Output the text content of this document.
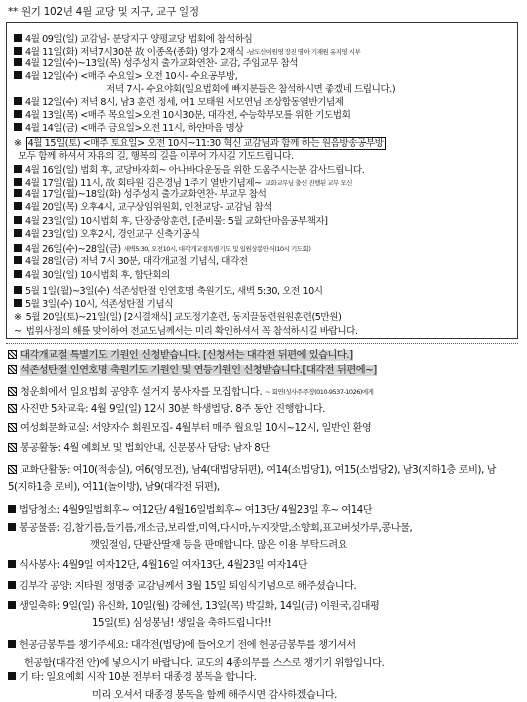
** 원기 102년 4월 교당 및 지구, 교구 일정
4월 09일(일) 교감님- 분당지구 양평교당 법회에 참석하심
4월 11일(화) 저녁7시30분 故 이종옥(종화) 영가 2재식 -남도신이원영 장진 명아 기재원 유지영 시부
4월 12일(수)~13일(목) 성주성지 출가교화연찬- 교감, 주임교무 참석
4월 12일(수) <매주 수요일> 오전 10시- 수요공부방,
저녁 7시- 수요야회(일요법회에 빠지분들은 참석하시면 좋겠네 드립니다.)
4월 12일(수) 저녁 8시, 남3 훈련 정세, 여1 모태원 서모연님 조상합동열반기념제
4월 13일(목) <매주 목요일>오전 10시30분, 대각전, 수능학부모를 위한 기도법회
4월 14일(금) <매주 금요일>오전 11시, 하얀마음 명상
※ 4월 15일(토) <매주 토요일> 오전 10시~11:30 혁신 교감님과 함께 하는 원음방송공부방
모두 함께 하셔서 자유의 길, 행복의 길을 이루어 가시길 기도드립니다.
4월 16일(일) 법회 후, 교당바자회~ 아나바다운동을 위한 도움주시는분 감사드립니다.
4월 17일(월) 11시, 故 회타원 김은경님 1주기 열반기념제~ 교화교무님 출신 진행된 교무 모신
4월 17일(월)~18일(화) 성주성지 출가교화연찬- 부교무 참석
4월 20일(목) 오후4시, 교구상임위원회, 인천교당- 교감님 참석
4월 23일(일) 10시법회 후, 단장중앙훈련, [준비물: 5월 교화단마음공부책자]
4월 23일(일) 오후2시, 경인교구 신축기공식
4월 26일(수)~28일(금) 새벽5:30, 오전10시, 대각개교절특별기도 및 일원상봉안식(10시 기도회)
4월 28일(금) 저녁 7시 30분, 대각개교절 기념식, 대각전
4월 30일(일) 10시법회 후, 합단회의
5월 1일(월)~3일(수) 석존성탄절 인연호명 축원기도, 새벽 5:30, 오전 10시
5월 3일(수) 10시, 석존성탄절 기념식
※ 5월 20일(토)~21일(일) [2시결채식] 교도정기훈련, 동지끌동련원원훈련(5만원)
~ 법위사정의 해를 맞이하여 전교도님께서는 미리 확인하셔서 꼭 참석하시길 바랍니다.
대각개교절 특별기도 기원인 신청받습니다. [신청서는 대각전 뒤편에 있습니다.]
석존성탄절 인연호명 축원기도 기원인 및 연등기원인 신청받습니다.[대각전 뒤편에~]
청운회에서 일요법회 공양후 설거지 봉사자를 모집합니다. ~ 회연(성사주주장(010-9537-1026)에게
사진반 5차교육: 4월 9일(일) 12시 30분 학생법당. 8주 동안 진행합니다.
여성회문화교실: 서양자수 회원모집- 4월부터 매주 월요일 10시~12시, 일반인 환영
봉공활동: 4월 예회보 및 법회안내, 신문봉사 담당: 남자 8단
교화단활동: 여10(적송실), 여6(영모전), 남4(대법당뒤편), 여14(소법당1), 여15(소법당2), 남3(지하1층 로비), 남5(지하1층 로비), 여11(놀이방), 남9(대각전 뒤편),
법당청소: 4월9일법회후~ 여12단/ 4월16일법회후~ 여13단/ 4월23일 후~ 여14단
봉공물품: 김,참기름,들기름,개소금,보리쌀,미역,다시마,누지잣말,소향회,표고버섯가루,콩나물,
깻잎절임, 단팥산딸재 등을 판매합니다. 많은 이용 부탁드려요
식사봉사: 4월9일 여자12단, 4월16일 여자13단, 4월23일 여자14단
김부각 공양: 지타원 정명중 교감님께서 3월 15일 퇴임식기념으로 해주셨습니다.
생일축하: 9일(일) 유신화, 10일(월) 강혜선, 13일(목) 박길화, 14일(금) 이원국,김대평
15일(토) 심성봉님! 생일을 축하드립니다!!
헌공금봉투를 챙기주세요: 대각전(법당)에 들어오기 전에 헌공금봉투를 챙기셔서
헌공함(대각전 안)에 넣으시기 바랍니다. 교도의 4종의무를 스스로 챙기기 위함입니다.
기 타: 일요예회 시작 10분 전부터 대종경 봉독을 합니다.
미리 오셔서 대종경 봉독을 함께 해주시면 감사하겠습니다.
